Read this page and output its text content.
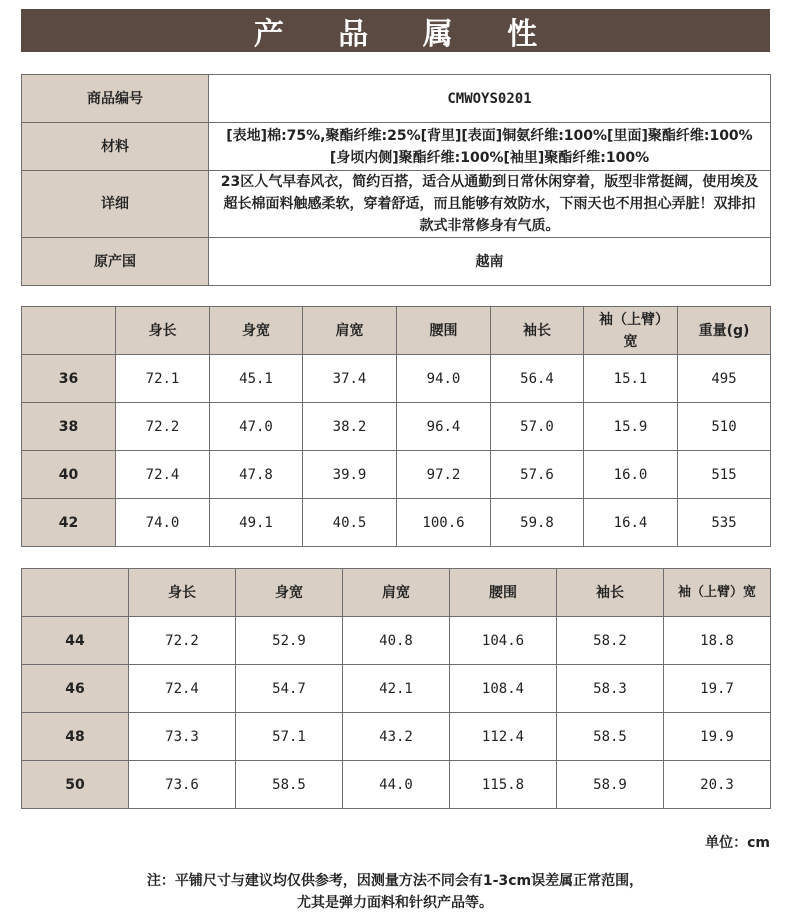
产 品 属 性
商品编号	CMWOYS0201
材料	[表地]棉:75%,聚酯纤维:25%[背里][表面]铜氨纤维:100%[里面]聚酯纤维:100%[身顷内侧]聚酯纤维:100%[袖里]聚酯纤维:100%
详细	23区人气早春风衣，简约百搭，适合从通勤到日常休闲穿着，版型非常挺阔，使用埃及超长棉面料触感柔软，穿着舒适，而且能够有效防水，下雨天也不用担心弄脏！双排扣款式非常修身有气质。
原产国	越南
	身长	身宽	肩宽	腰围	袖长	袖（上臂）宽	重量(g)
36	72.1	45.1	37.4	94.0	56.4	15.1	495
38	72.2	47.0	38.2	96.4	57.0	15.9	510
40	72.4	47.8	39.9	97.2	57.6	16.0	515
42	74.0	49.1	40.5	100.6	59.8	16.4	535
	身长	身宽	肩宽	腰围	袖长	袖（上臂）宽
44	72.2	52.9	40.8	104.6	58.2	18.8
46	72.4	54.7	42.1	108.4	58.3	19.7
48	73.3	57.1	43.2	112.4	58.5	19.9
50	73.6	58.5	44.0	115.8	58.9	20.3
单位：cm
注：平铺尺寸与建议均仅供参考，因测量方法不同会有1-3cm误差属正常范围，
尤其是弹力面料和针织产品等。
